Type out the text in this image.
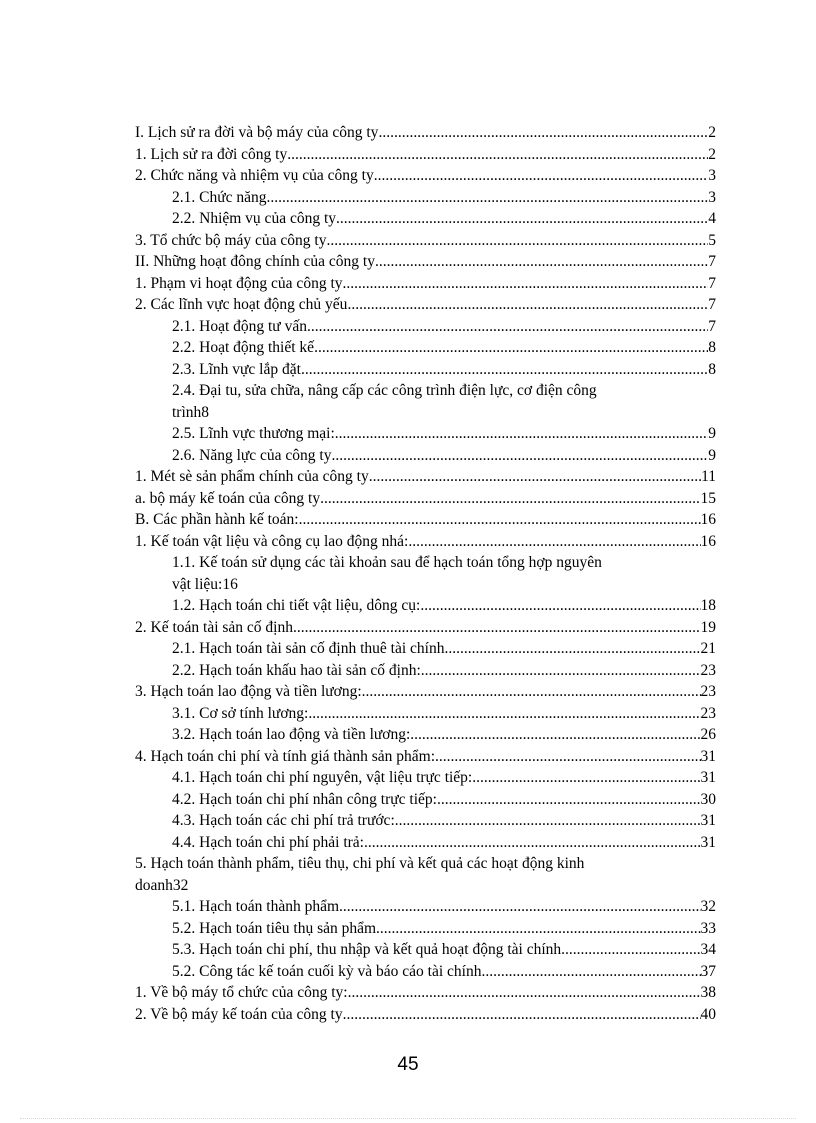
I. Lịch sử ra đời và bộ máy của công ty .....	2
1. Lịch sử ra đời công ty .....	2
2. Chức năng và nhiệm vụ của công ty .....	3
2.1. Chức năng .....	3
2.2. Nhiệm vụ của công ty .....	4
3. Tổ chức bộ máy của công ty .....	5
II. Những hoạt đông chính của công ty .....	7
1. Phạm vi hoạt động của công ty .....	7
2. Các lĩnh vực hoạt động chủ yếu .....	7
2.1. Hoạt động tư vấn .....	7
2.2. Hoạt động thiết kế .....	8
2.3. Lĩnh vực lắp đặt .....	8
2.4. Đại tu, sửa chữa, nâng cấp các công trình điện lực, cơ điện công
trình 8
2.5. Lĩnh vực thương mại: .....	9
2.6. Năng lực của công ty .....	9
1. Mét sè sản phẩm chính của công ty .....	11
a. bộ máy kế toán của công ty .....	15
B. Các phần hành kế toán: .....	16
1. Kế toán vật liệu và công cụ lao động nhá: .....	16
1.1. Kế toán sử dụng các tài khoản sau để hạch toán tổng hợp nguyên
vật liệu: 16
1.2. Hạch toán chi tiết vật liệu, dông cụ: .....	18
2. Kế toán tài sản cố định .....	19
2.1. Hạch toán tài sản cố định thuê tài chính .....	21
2.2. Hạch toán khấu hao tài sản cố định: .....	23
3. Hạch toán lao động và tiền lương: .....	23
3.1. Cơ sở tính lương: .....	23
3.2. Hạch toán lao động và tiền lương: .....	26
4. Hạch toán chi phí và tính giá thành sản phẩm: .....	31
4.1. Hạch toán chi phí nguyên, vật liệu trực tiếp: .....	31
4.2. Hạch toán chi phí nhân công trực tiếp: .....	30
4.3. Hạch toán các chi phí trả trước: .....	31
4.4. Hạch toán chi phí phải trả: .....	31
5. Hạch toán thành phẩm, tiêu thụ, chi phí và kết quả các hoạt động kinh
doanh 32
5.1. Hạch toán thành phẩm .....	32
5.2. Hạch toán tiêu thụ sản phẩm .....	33
5.3. Hạch toán chi phí, thu nhập và kết quả hoạt động tài chính .....	34
5.2. Công tác kế toán cuối kỳ và báo cáo tài chính .....	37
1. Về bộ máy tổ chức của công ty: .....	38
2. Về bộ máy kế toán của công ty .....	40
45
